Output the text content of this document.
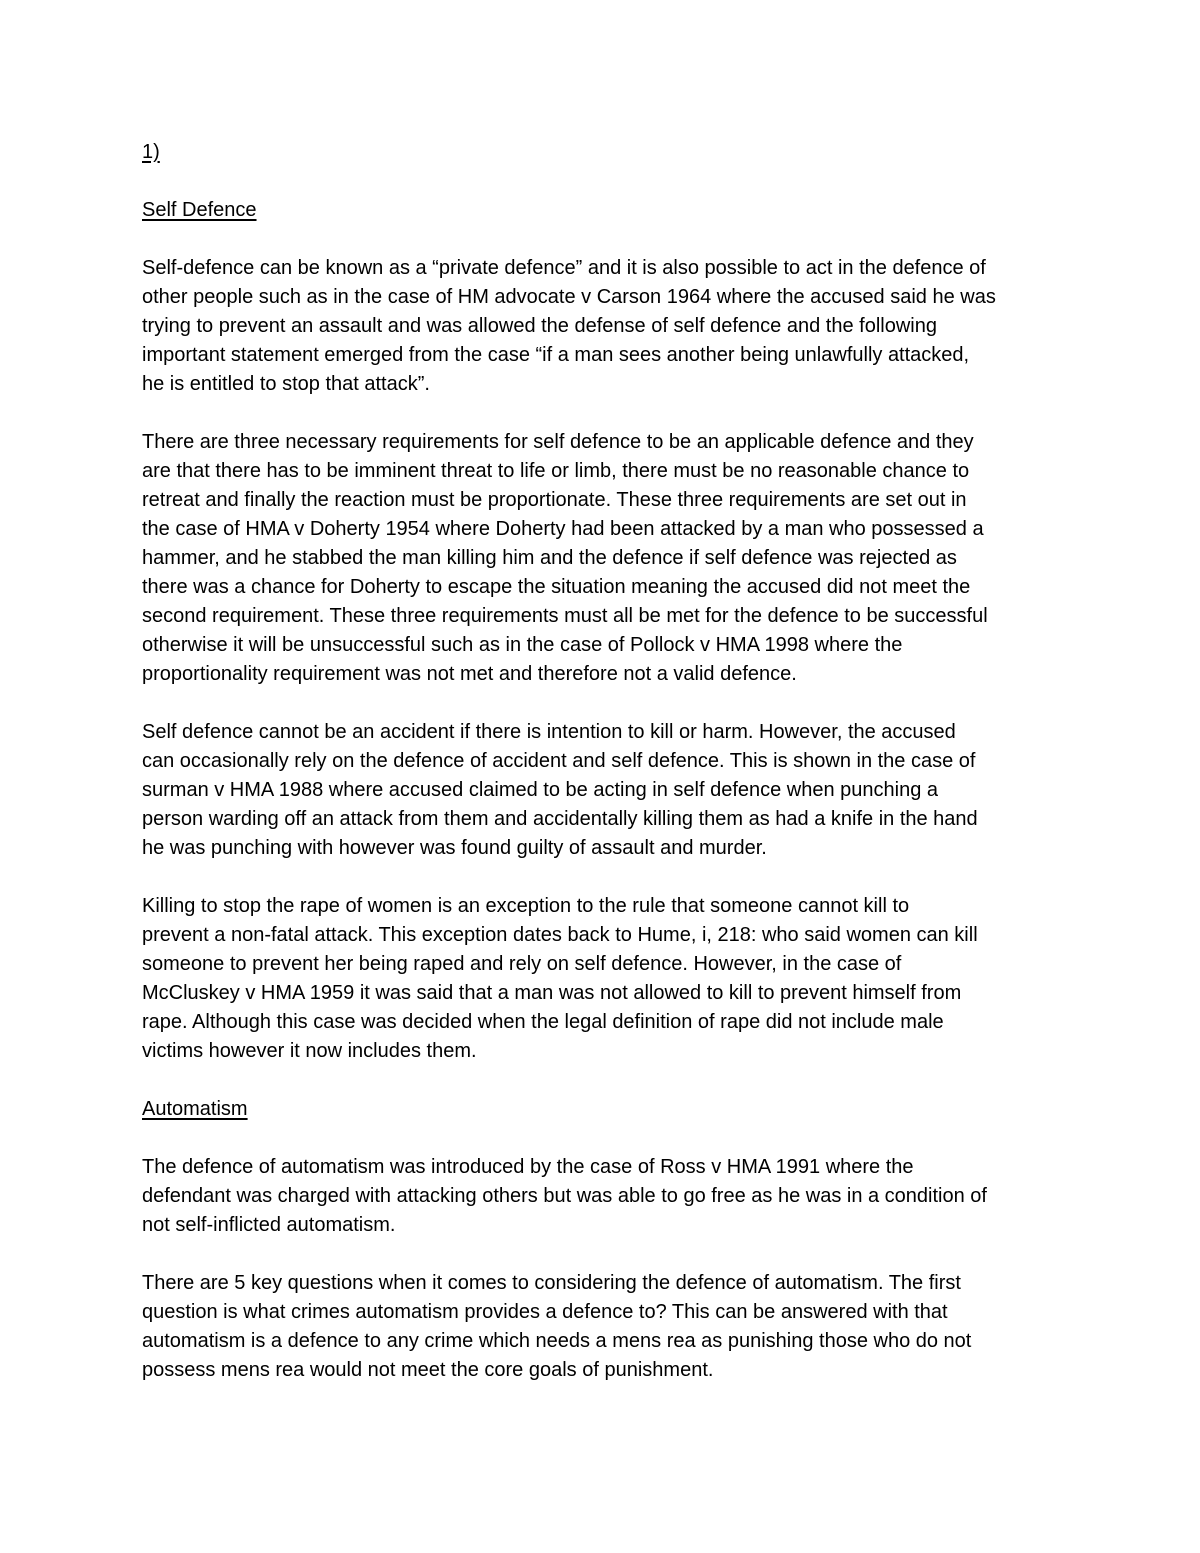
1)

Self Defence

Self-defence can be known as a “private defence” and it is also possible to act in the defence of
other people such as in the case of HM advocate v Carson 1964 where the accused said he was
trying to prevent an assault and was allowed the defense of self defence and the following
important statement emerged from the case “if a man sees another being unlawfully attacked,
he is entitled to stop that attack”.
There are three necessary requirements for self defence to be an applicable defence and they
are that there has to be imminent threat to life or limb, there must be no reasonable chance to
retreat and finally the reaction must be proportionate. These three requirements are set out in
the case of HMA v Doherty 1954 where Doherty had been attacked by a man who possessed a
hammer, and he stabbed the man killing him and the defence if self defence was rejected as
there was a chance for Doherty to escape the situation meaning the accused did not meet the
second requirement. These three requirements must all be met for the defence to be successful
otherwise it will be unsuccessful such as in the case of Pollock v HMA 1998 where the
proportionality requirement was not met and therefore not a valid defence.
Self defence cannot be an accident if there is intention to kill or harm. However, the accused
can occasionally rely on the defence of accident and self defence. This is shown in the case of
surman v HMA 1988 where accused claimed to be acting in self defence when punching a
person warding off an attack from them and accidentally killing them as had a knife in the hand
he was punching with however was found guilty of assault and murder.
Killing to stop the rape of women is an exception to the rule that someone cannot kill to
prevent a non-fatal attack. This exception dates back to Hume, i, 218: who said women can kill
someone to prevent her being raped and rely on self defence. However, in the case of
McCluskey v HMA 1959 it was said that a man was not allowed to kill to prevent himself from
rape. Although this case was decided when the legal definition of rape did not include male
victims however it now includes them.

Automatism

The defence of automatism was introduced by the case of Ross v HMA 1991 where the
defendant was charged with attacking others but was able to go free as he was in a condition of
not self-inflicted automatism.
There are 5 key questions when it comes to considering the defence of automatism. The first
question is what crimes automatism provides a defence to? This can be answered with that
automatism is a defence to any crime which needs a mens rea as punishing those who do not
possess mens rea would not meet the core goals of punishment.
